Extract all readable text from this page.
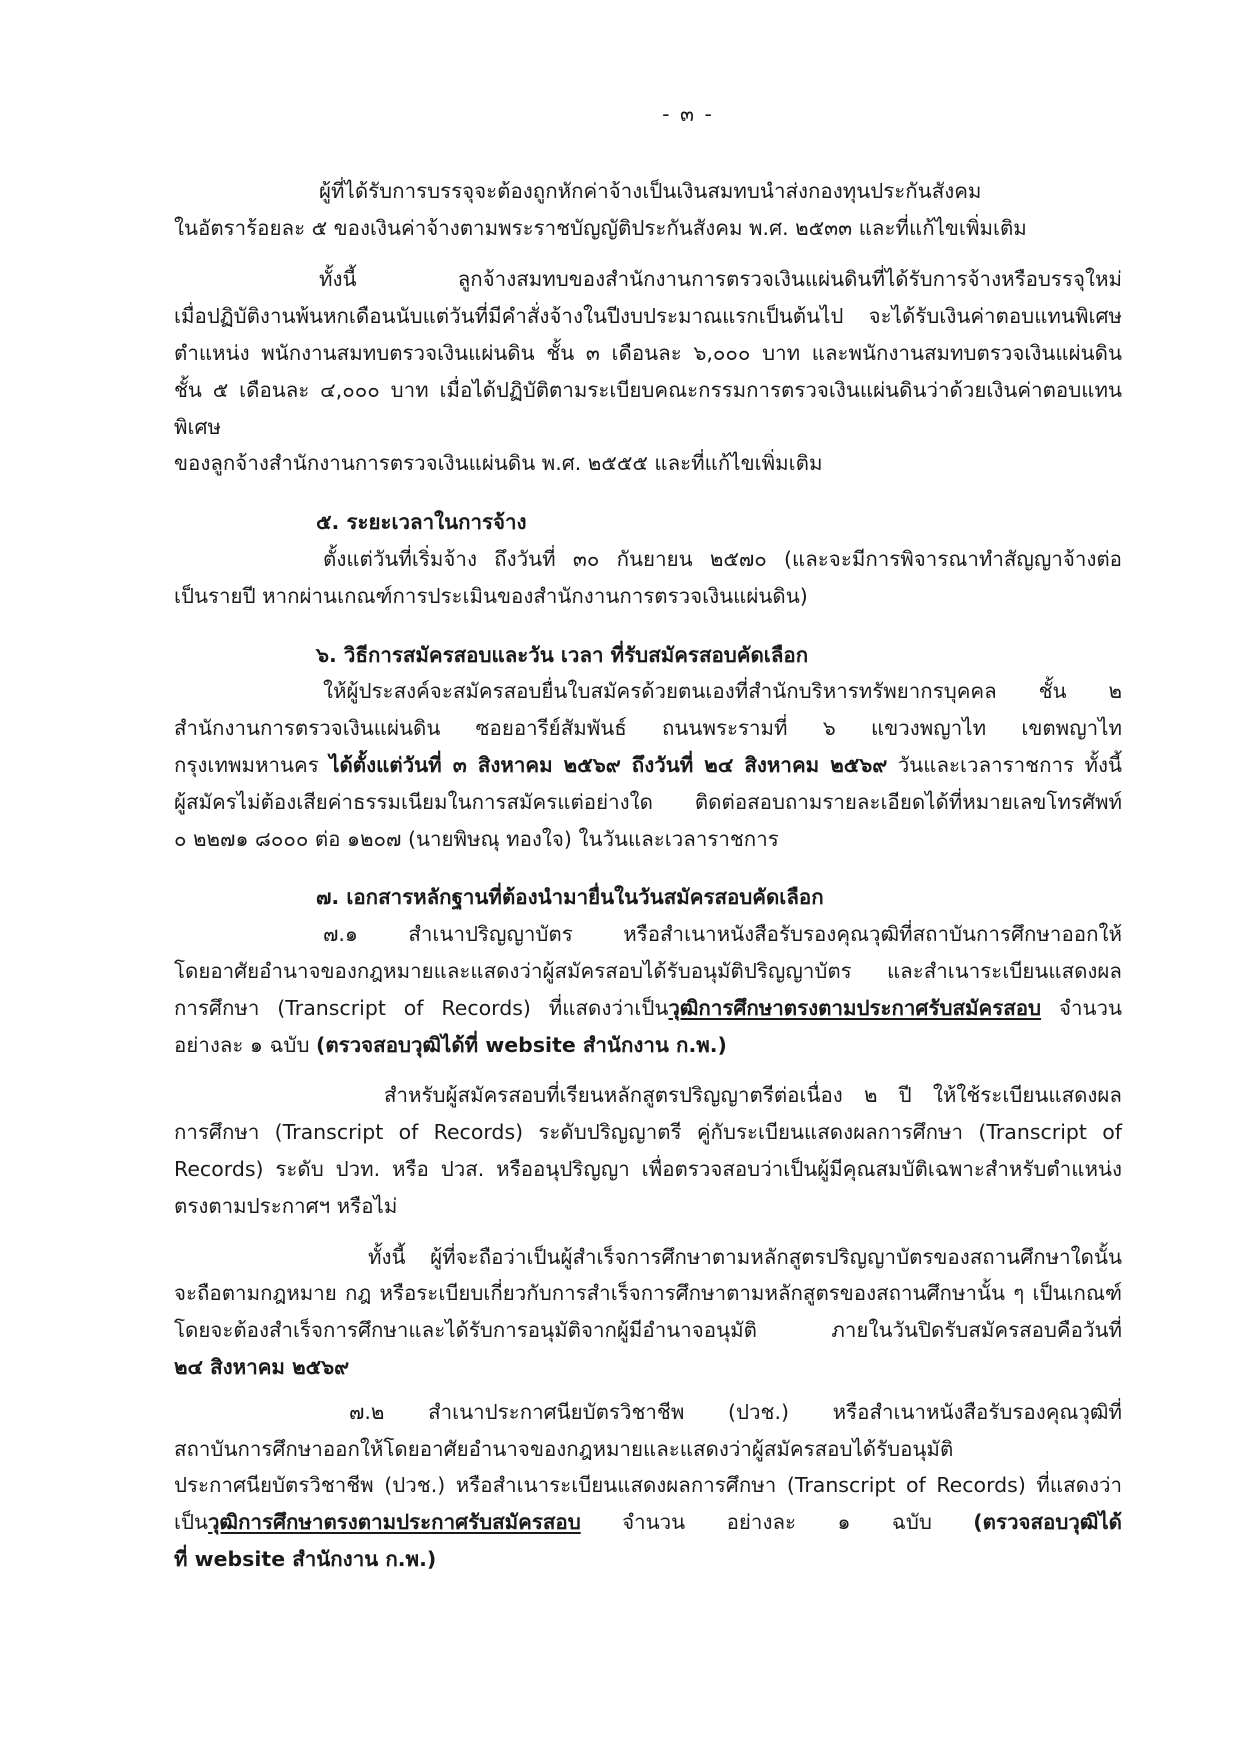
- ๓ -

ผู้ที่ได้รับการบรรจุจะต้องถูกหักค่าจ้างเป็นเงินสมทบนำส่งกองทุนประกันสังคม

ในอัตราร้อยละ ๕ ของเงินค่าจ้างตามพระราชบัญญัติประกันสังคม พ.ศ. ๒๕๓๓ และที่แก้ไขเพิ่มเติม

ทั้งนี้ ลูกจ้างสมทบของสำนักงานการตรวจเงินแผ่นดินที่ได้รับการจ้างหรือบรรจุใหม่

เมื่อปฏิบัติงานพ้นหกเดือนนับแต่วันที่มีคำสั่งจ้างในปีงบประมาณแรกเป็นต้นไป จะได้รับเงินค่าตอบแทนพิเศษ

ตำแหน่ง พนักงานสมทบตรวจเงินแผ่นดิน ชั้น ๓ เดือนละ ๖,๐๐๐ บาท และพนักงานสมทบตรวจเงินแผ่นดิน

ชั้น ๕ เดือนละ ๔,๐๐๐ บาท เมื่อได้ปฏิบัติตามระเบียบคณะกรรมการตรวจเงินแผ่นดินว่าด้วยเงินค่าตอบแทนพิเศษ

ของลูกจ้างสำนักงานการตรวจเงินแผ่นดิน พ.ศ. ๒๕๕๕ และที่แก้ไขเพิ่มเติม

๕. ระยะเวลาในการจ้าง

ตั้งแต่วันที่เริ่มจ้าง ถึงวันที่ ๓๐ กันยายน ๒๕๗๐ (และจะมีการพิจารณาทำสัญญาจ้างต่อ

เป็นรายปี หากผ่านเกณฑ์การประเมินของสำนักงานการตรวจเงินแผ่นดิน)

๖. วิธีการสมัครสอบและวัน เวลา ที่รับสมัครสอบคัดเลือก

ให้ผู้ประสงค์จะสมัครสอบยื่นใบสมัครด้วยตนเองที่สำนักบริหารทรัพยากรบุคคล ชั้น ๒

สำนักงานการตรวจเงินแผ่นดิน ซอยอารีย์สัมพันธ์ ถนนพระรามที่ ๖ แขวงพญาไท เขตพญาไท

กรุงเทพมหานคร ได้ตั้งแต่วันที่ ๓ สิงหาคม ๒๕๖๙ ถึงวันที่ ๒๔ สิงหาคม ๒๕๖๙ วันและเวลาราชการ ทั้งนี้

ผู้สมัครไม่ต้องเสียค่าธรรมเนียมในการสมัครแต่อย่างใด ติดต่อสอบถามรายละเอียดได้ที่หมายเลขโทรศัพท์

๐ ๒๒๗๑ ๘๐๐๐ ต่อ ๑๒๐๗ (นายพิษณุ ทองใจ) ในวันและเวลาราชการ

๗. เอกสารหลักฐานที่ต้องนำมายื่นในวันสมัครสอบคัดเลือก

๗.๑ สำเนาปริญญาบัตร หรือสำเนาหนังสือรับรองคุณวุฒิที่สถาบันการศึกษาออกให้

โดยอาศัยอำนาจของกฎหมายและแสดงว่าผู้สมัครสอบได้รับอนุมัติปริญญาบัตร และสำเนาระเบียนแสดงผล

การศึกษา (Transcript of Records) ที่แสดงว่าเป็นวุฒิการศึกษาตรงตามประกาศรับสมัครสอบ จำนวน

อย่างละ ๑ ฉบับ (ตรวจสอบวุฒิได้ที่ website สำนักงาน ก.พ.)

สำหรับผู้สมัครสอบที่เรียนหลักสูตรปริญญาตรีต่อเนื่อง ๒ ปี ให้ใช้ระเบียนแสดงผล

การศึกษา (Transcript of Records) ระดับปริญญาตรี คู่กับระเบียนแสดงผลการศึกษา (Transcript of

Records) ระดับ ปวท. หรือ ปวส. หรืออนุปริญญา เพื่อตรวจสอบว่าเป็นผู้มีคุณสมบัติเฉพาะสำหรับตำแหน่ง

ตรงตามประกาศฯ หรือไม่

ทั้งนี้ ผู้ที่จะถือว่าเป็นผู้สำเร็จการศึกษาตามหลักสูตรปริญญาบัตรของสถานศึกษาใดนั้น

จะถือตามกฎหมาย กฎ หรือระเบียบเกี่ยวกับการสำเร็จการศึกษาตามหลักสูตรของสถานศึกษานั้น ๆ เป็นเกณฑ์

โดยจะต้องสำเร็จการศึกษาและได้รับการอนุมัติจากผู้มีอำนาจอนุมัติ ภายในวันปิดรับสมัครสอบคือวันที่

๒๔ สิงหาคม ๒๕๖๙

๗.๒ สำเนาประกาศนียบัตรวิชาชีพ (ปวช.) หรือสำเนาหนังสือรับรองคุณวุฒิที่

สถาบันการศึกษาออกให้โดยอาศัยอำนาจของกฎหมายและแสดงว่าผู้สมัครสอบได้รับอนุมัติ

ประกาศนียบัตรวิชาชีพ (ปวช.) หรือสำเนาระเบียนแสดงผลการศึกษา (Transcript of Records) ที่แสดงว่า

เป็นวุฒิการศึกษาตรงตามประกาศรับสมัครสอบ จำนวน อย่างละ ๑ ฉบับ (ตรวจสอบวุฒิได้

ที่ website สำนักงาน ก.พ.)
